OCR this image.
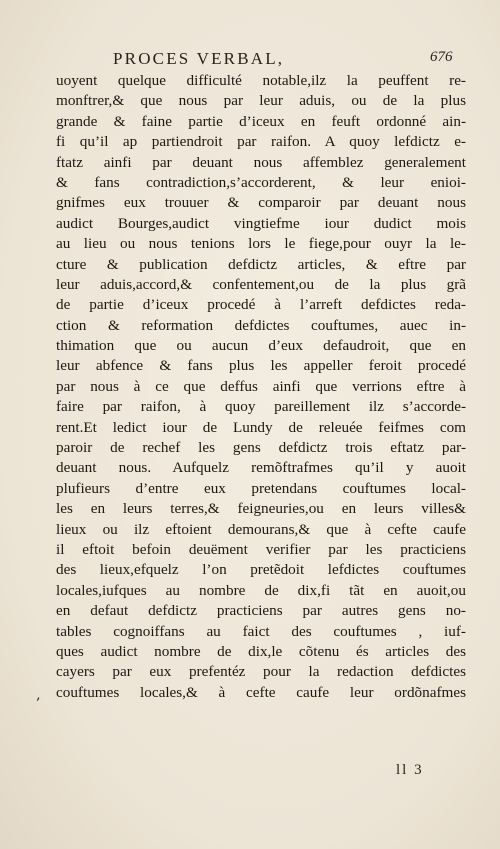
PROCES VERBAL,	676
uoyent quelque difficulté notable,ilz la peuffent re-
monftrer,& que nous par leur aduis, ou de la plus
grande & faine partie d’iceux en feuft ordonné ain-
fi qu’il ap partiendroit par raifon. A quoy lefdictz e-
ftatz ainfi par deuant nous affemblez generalement
& fans contradiction,s’accorderent, & leur enioi-
gnifmes eux trouuer & comparoir par deuant nous
audict Bourges,audict vingtiefme iour dudict mois
au lieu ou nous tenions lors le fiege,pour ouyr la le-
cture & publication defdictz articles, & eftre par
leur aduis,accord,& confentement,ou de la plus grã
de partie d’iceux procedé à l’arreft defdictes reda-
ction & reformation defdictes couftumes, auec in-
thimation que ou aucun d’eux defaudroit, que en
leur abfence & fans plus les appeller feroit procedé
par nous à ce que deffus ainfi que verrions eftre à
faire par raifon, à quoy pareillement ilz s’accorde-
rent.Et ledict iour de Lundy de releuée feifmes com
paroir de rechef les gens defdictz trois eftatz par-
deuant nous. Aufquelz remõftrafmes qu’il y auoit
plufieurs d’entre eux pretendans couftumes local-
les en leurs terres,& feigneuries,ou en leurs villes&
lieux ou ilz eftoient demourans,& que à cefte caufe
il eftoit befoin deuëment verifier par les practiciens
des lieux,efquelz l’on pretẽdoit lefdictes couftumes
locales,iufques au nombre de dix,fi tãt en auoit,ou
en defaut defdictz practiciens par autres gens no-
tables cognoiffans au faict des couftumes , iuf-
ques audict nombre de dix,le cõtenu és articles des
cayers par eux prefentéz pour la redaction defdictes
couftumes locales,& à cefte caufe leur ordõnafmes
‚
ll 3
